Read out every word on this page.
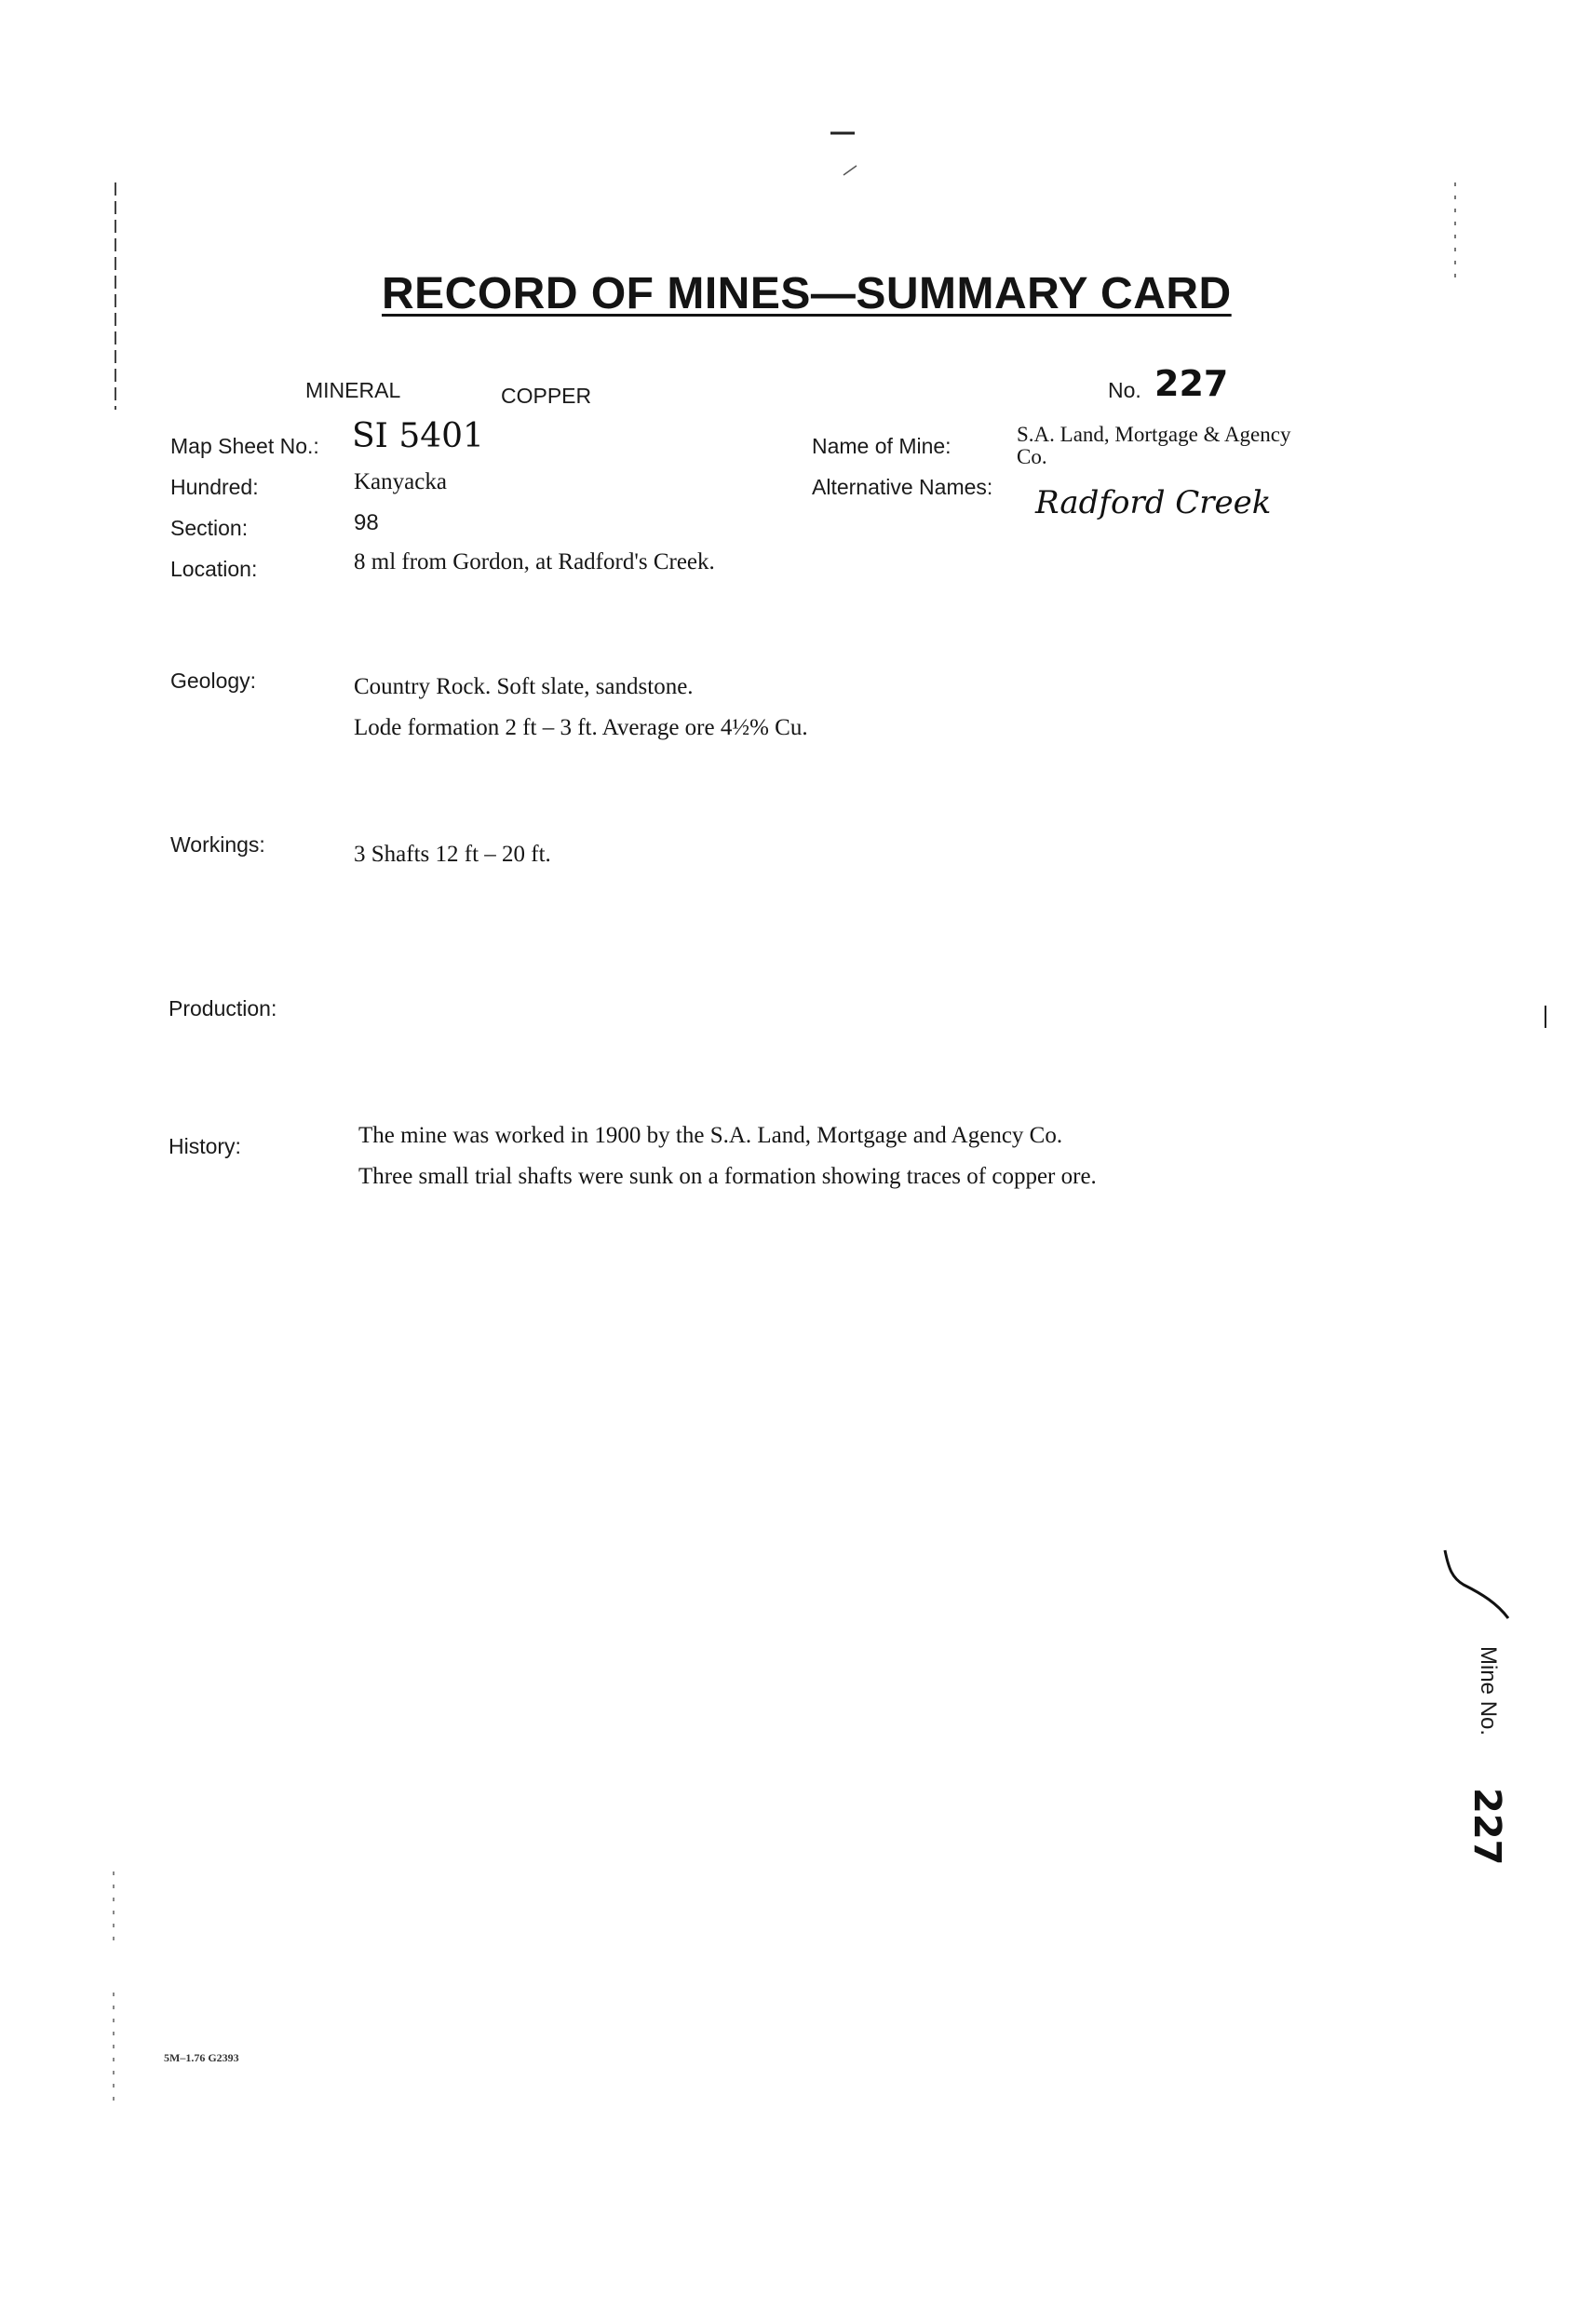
RECORD OF MINES—SUMMARY CARD
MINERAL	COPPER	No. 227
Map Sheet No.: SI 5401	Name of Mine:	S.A. Land, Mortgage & Agency
Co.
Hundred:	Kanyacka	Alternative Names: Radford Creek
Section:	98
Location:	8 ml from Gordon, at Radford's Creek.
Geology:	Country Rock. Soft slate, sandstone.
Lode formation 2 ft – 3 ft. Average ore 4½% Cu.
Workings:	3 Shafts 12 ft – 20 ft.
Production:
History:	The mine was worked in 1900 by the S.A. Land, Mortgage and Agency Co.
Three small trial shafts were sunk on a formation showing traces of copper ore.
5M–1.76 G2393
Mine No.
227
